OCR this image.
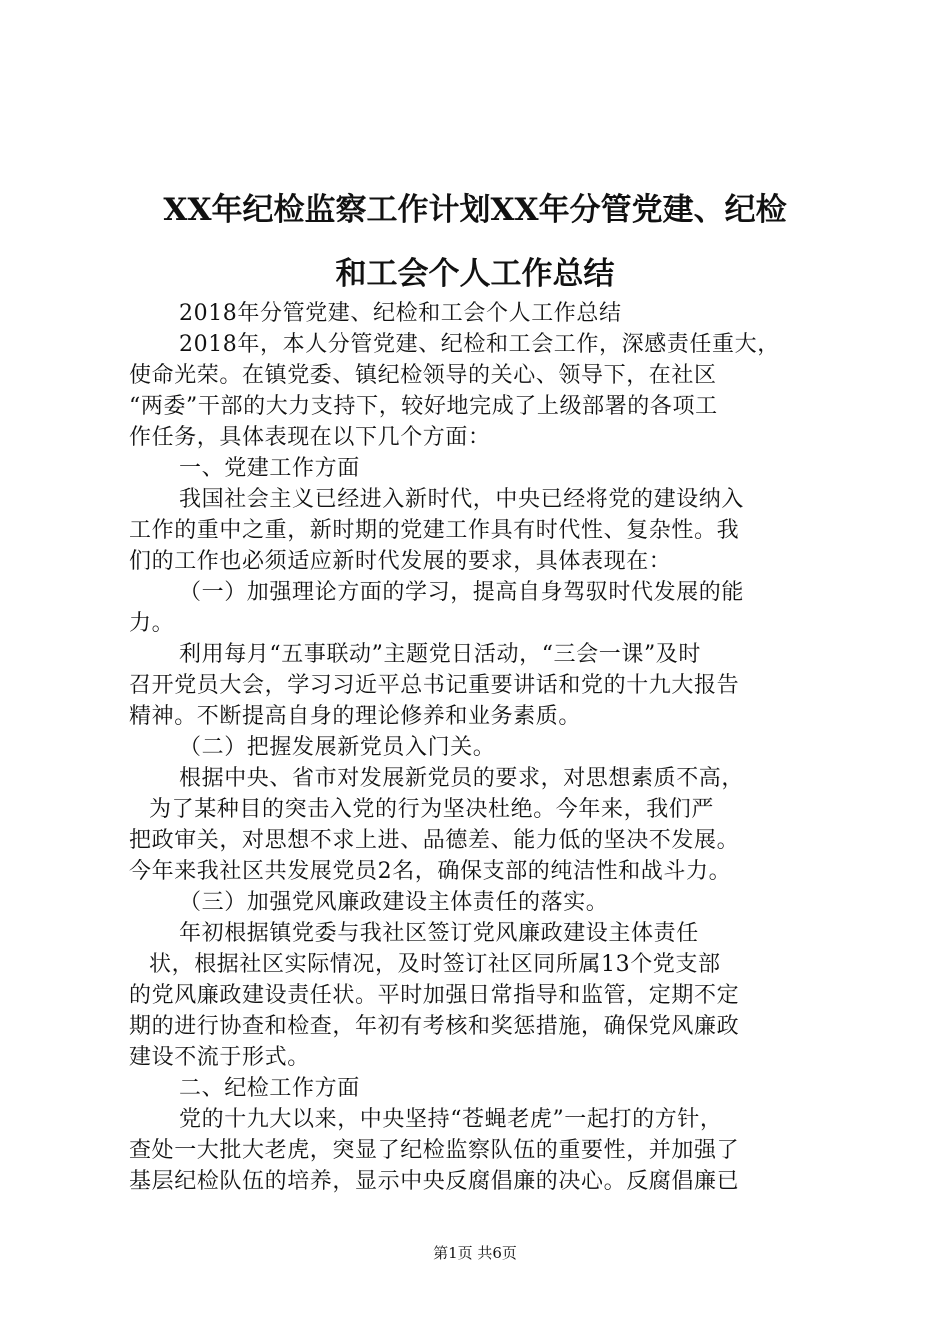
XX年纪检监察工作计划XX年分管党建、纪检
和工会个人工作总结
2018年分管党建、纪检和工会个人工作总结
2018年，本人分管党建、纪检和工会工作，深感责任重大，
使命光荣。在镇党委、镇纪检领导的关心、领导下，在社区
“两委”干部的大力支持下，较好地完成了上级部署的各项工
作任务，具体表现在以下几个方面：
一、党建工作方面
我国社会主义已经进入新时代，中央已经将党的建设纳入
工作的重中之重，新时期的党建工作具有时代性、复杂性。我
们的工作也必须适应新时代发展的要求，具体表现在：
（一）加强理论方面的学习，提高自身驾驭时代发展的能
力。
利用每月“五事联动”主题党日活动，“三会一课”及时
召开党员大会，学习习近平总书记重要讲话和党的十九大报告
精神。不断提高自身的理论修养和业务素质。
（二）把握发展新党员入门关。
根据中央、省市对发展新党员的要求，对思想素质不高，
为了某种目的突击入党的行为坚决杜绝。今年来，我们严
把政审关，对思想不求上进、品德差、能力低的坚决不发展。
今年来我社区共发展党员2名，确保支部的纯洁性和战斗力。
（三）加强党风廉政建设主体责任的落实。
年初根据镇党委与我社区签订党风廉政建设主体责任
状，根据社区实际情况，及时签订社区同所属13个党支部
的党风廉政建设责任状。平时加强日常指导和监管，定期不定
期的进行协查和检查，年初有考核和奖惩措施，确保党风廉政
建设不流于形式。
二、纪检工作方面
党的十九大以来，中央坚持“苍蝇老虎”一起打的方针，
查处一大批大老虎，突显了纪检监察队伍的重要性，并加强了
基层纪检队伍的培养，显示中央反腐倡廉的决心。反腐倡廉已
第1页 共6页
